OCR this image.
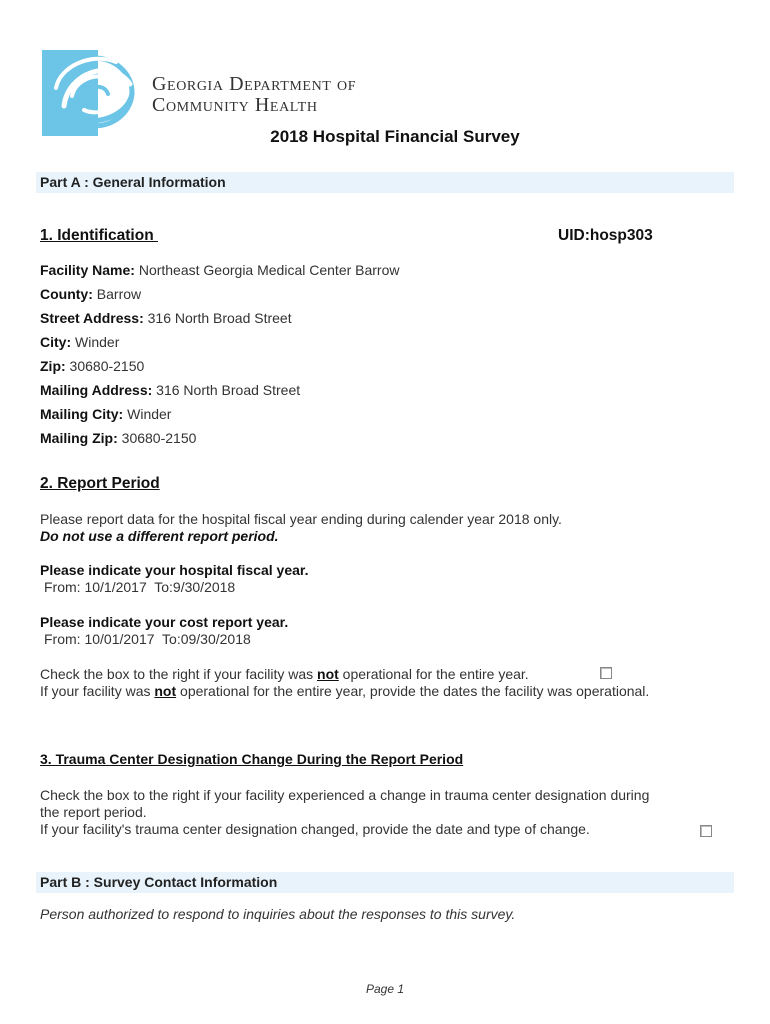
Georgia Department of
Community Health
2018 Hospital Financial Survey
Part A : General Information
1. Identification	UID:hosp303
Facility Name: Northeast Georgia Medical Center Barrow
County: Barrow
Street Address: 316 North Broad Street
City: Winder
Zip: 30680-2150
Mailing Address: 316 North Broad Street
Mailing City: Winder
Mailing Zip: 30680-2150
2. Report Period
Please report data for the hospital fiscal year ending during calender year 2018 only.
Do not use a different report period.
Please indicate your hospital fiscal year.
From: 10/1/2017  To:9/30/2018
Please indicate your cost report year.
From: 10/01/2017  To:09/30/2018
Check the box to the right if your facility was not operational for the entire year.
If your facility was not operational for the entire year, provide the dates the facility was operational.
3. Trauma Center Designation Change During the Report Period
Check the box to the right if your facility experienced a change in trauma center designation during
the report period.
If your facility's trauma center designation changed, provide the date and type of change.
Part B : Survey Contact Information
Person authorized to respond to inquiries about the responses to this survey.
Page 1
